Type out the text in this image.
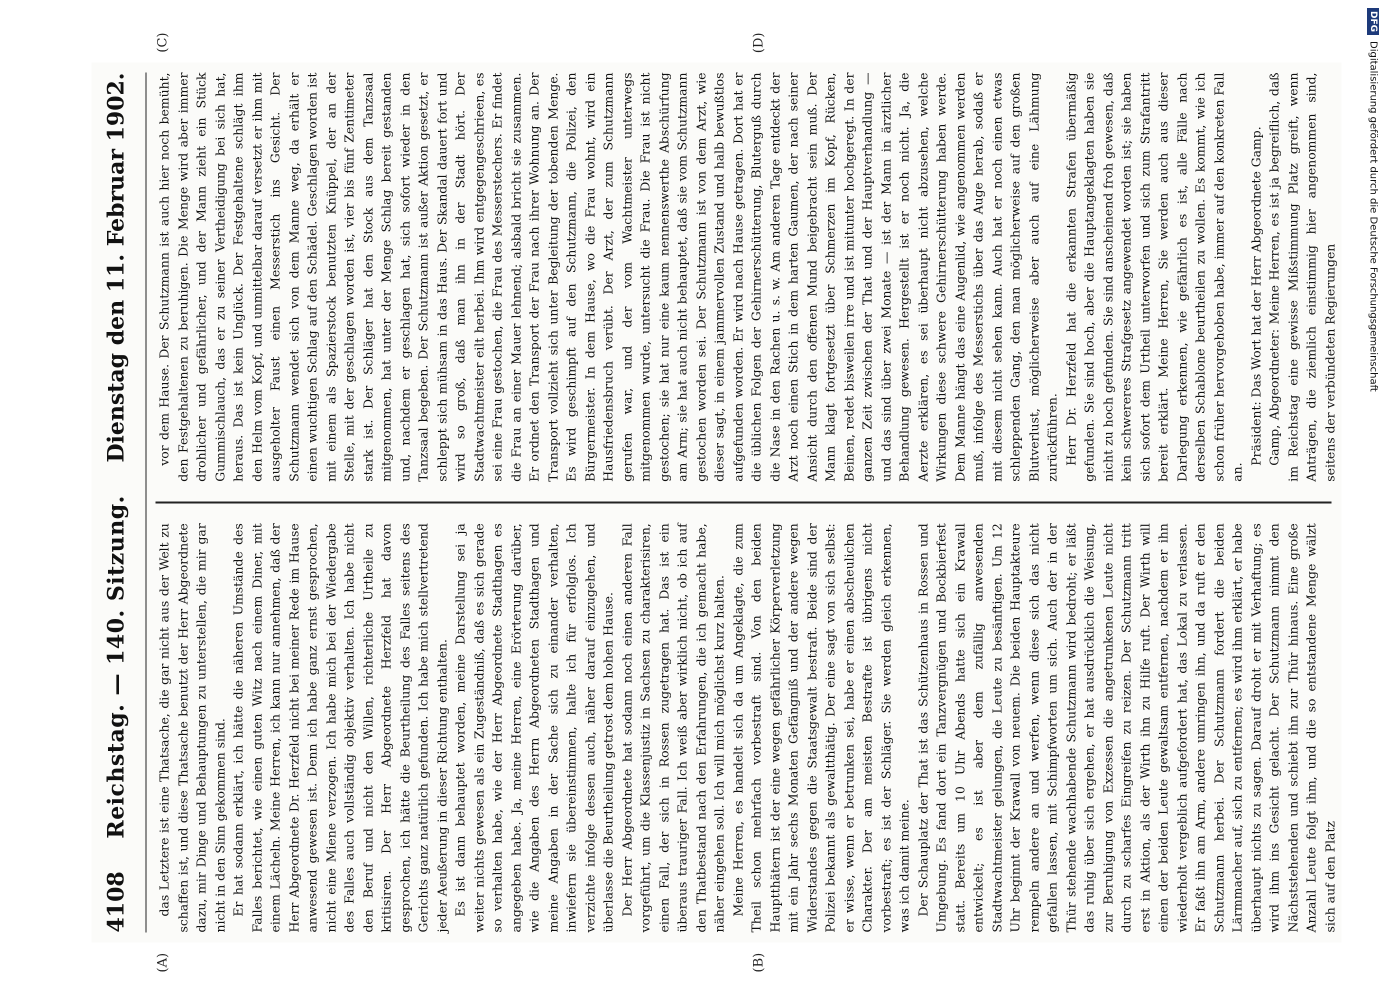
4108
Reichstag. — 140. Sitzung.
Dienstag den 11. Februar 1902.
(A)	(B)
(C)	(D)

das Letztere ist eine Thatsache, die gar nicht aus der Welt zu schaffen ist, und diese Thatsache benutzt der Herr Abgeordnete dazu, mir Dinge und Behauptungen zu unterstellen, die mir gar nicht in den Sinn gekommen sind. Er hat sodann erklärt, ich hätte die näheren Umstände des Falles berichtet, wie einen guten Witz nach einem Diner, mit einem Lächeln. Meine Herren, ich kann nur annehmen, daß der Herr Abgeordnete Dr. Herzfeld nicht bei meiner Rede im Hause anwesend gewesen ist. Denn ich habe ganz ernst gesprochen, nicht eine Miene verzogen. Ich habe mich bei der Wiedergabe des Falles auch vollständig objektiv verhalten. Ich habe nicht den Beruf und nicht den Willen, richterliche Urtheile zu kritisiren. Der Herr Abgeordnete Herzfeld hat davon gesprochen, ich hätte die Beurtheilung des Falles seitens des Gerichts ganz natürlich gefunden. Ich habe mich stellvertretend jeder Aeußerung in dieser Richtung enthalten. Es ist dann behauptet worden, meine Darstellung sei ja weiter nichts gewesen als ein Zugeständniß, daß es sich gerade so verhalten habe, wie der Herr Abgeordnete Stadthagen es angegeben habe. Ja, meine Herren, eine Erörterung darüber, wie die Angaben des Herrn Abgeordneten Stadthagen und meine Angaben in der Sache sich zu einander verhalten, inwiefern sie übereinstimmen, halte ich für erfolglos. Ich verzichte infolge dessen auch, näher darauf einzugehen, und überlasse die Beurtheilung getrost dem hohen Hause. Der Herr Abgeordnete hat sodann noch einen anderen Fall vorgeführt, um die Klassenjustiz in Sachsen zu charakterisiren, einen Fall, der sich in Rossen zugetragen hat. Das ist ein überaus trauriger Fall. Ich weiß aber wirklich nicht, ob ich auf den Thatbestand nach den Erfahrungen, die ich gemacht habe, näher eingehen soll. Ich will mich möglichst kurz halten. Meine Herren, es handelt sich da um Angeklagte, die zum Theil schon mehrfach vorbestraft sind. Von den beiden Hauptthätern ist der eine wegen gefährlicher Körperverletzung mit ein Jahr sechs Monaten Gefängniß und der andere wegen Widerstandes gegen die Staatsgewalt bestraft. Beide sind der Polizei bekannt als gewaltthätig. Der eine sagt von sich selbst: er wisse, wenn er betrunken sei, habe er einen abscheulichen Charakter. Der am meisten Bestrafte ist übrigens nicht vorbestraft; es ist der Schläger. Sie werden gleich erkennen, was ich damit meine. Der Schauplatz der That ist das Schützenhaus in Rossen und Umgebung. Es fand dort ein Tanzvergnügen und Bockbierfest statt. Bereits um 10 Uhr Abends hatte sich ein Krawall entwickelt; es ist aber dem zufällig anwesenden Stadtwachtmeister gelungen, die Leute zu besänftigen. Um 12 Uhr beginnt der Krawall von neuem. Die beiden Hauptakteure rempeln andere an und werfen, wenn diese sich das nicht gefallen lassen, mit Schimpfworten um sich. Auch der in der Thür stehende wachhabende Schutzmann wird bedroht; er läßt das ruhig über sich ergehen, er hat ausdrücklich die Weisung, zur Beruhigung von Exzessen die angetrunkenen Leute nicht durch zu scharfes Eingreifen zu reizen. Der Schutzmann tritt erst in Aktion, als der Wirth ihn zu Hilfe ruft. Der Wirth will einen der beiden Leute gewaltsam entfernen, nachdem er ihn wiederholt vergeblich aufgefordert hat, das Lokal zu verlassen. Er faßt ihn am Arm, andere umringen ihn, und da ruft er den Schutzmann herbei. Der Schutzmann fordert die beiden Lärmmacher auf, sich zu entfernen; es wird ihm erklärt, er habe überhaupt nichts zu sagen. Darauf droht er mit Verhaftung; es wird ihm ins Gesicht gelacht. Der Schutzmann nimmt den Nächststehenden und schiebt ihn zur Thür hinaus. Eine große Anzahl Leute folgt ihm, und die so entstandene Menge wälzt sich auf den Platz

vor dem Hause. Der Schutzmann ist auch hier noch bemüht, den Festgehaltenen zu beruhigen. Die Menge wird aber immer drohlicher und gefährlicher, und der Mann zieht ein Stück Gummischlauch, das er zu seiner Vertheidigung bei sich hat, heraus. Das ist kein Unglück. Der Festgehaltene schlägt ihm den Helm vom Kopf, und unmittelbar darauf versetzt er ihm mit ausgeholter Faust einen Messerstich ins Gesicht. Der Schutzmann wendet sich von dem Manne weg, da erhält er einen wuchtigen Schlag auf den Schädel. Geschlagen worden ist mit einem als Spazierstock benutzten Knüppel, der an der Stelle, mit der geschlagen worden ist, vier bis fünf Zentimeter stark ist. Der Schläger hat den Stock aus dem Tanzsaal mitgenommen, hat unter der Menge Schlag bereit gestanden und, nachdem er geschlagen hat, sich sofort wieder in den Tanzsaal begeben. Der Schutzmann ist außer Aktion gesetzt, er schleppt sich mühsam in das Haus. Der Skandal dauert fort und wird so groß, daß man ihn in der Stadt hört. Der Stadtwachtmeister eilt herbei. Ihm wird entgegengeschrieen, es sei eine Frau gestochen, die Frau des Messerstechers. Er findet die Frau an einer Mauer lehnend; alsbald bricht sie zusammen. Er ordnet den Transport der Frau nach ihrer Wohnung an. Der Transport vollzieht sich unter Begleitung der tobenden Menge. Es wird geschimpft auf den Schutzmann, die Polizei, den Bürgermeister. In dem Hause, wo die Frau wohnt, wird ein Hausfriedensbruch verübt. Der Arzt, der zum Schutzmann gerufen war, und der vom Wachtmeister unterwegs mitgenommen wurde, untersucht die Frau. Die Frau ist nicht gestochen; sie hat nur eine kaum nennenswerthe Abschürfung am Arm; sie hat auch nicht behauptet, daß sie vom Schutzmann gestochen worden sei. Der Schutzmann ist von dem Arzt, wie dieser sagt, in einem jammervollen Zustand und halb bewußtlos aufgefunden worden. Er wird nach Hause getragen. Dort hat er die üblichen Folgen der Gehirnerschütterung, Bluterguß durch die Nase in den Rachen u. s. w. Am anderen Tage entdeckt der Arzt noch einen Stich in dem harten Gaumen, der nach seiner Ansicht durch den offenen Mund beigebracht sein muß. Der Mann klagt fortgesetzt über Schmerzen im Kopf, Rücken, Beinen, redet bisweilen irre und ist mitunter hochgeregt. In der ganzen Zeit zwischen der That und der Hauptverhandlung — und das sind über zwei Monate — ist der Mann in ärztlicher Behandlung gewesen. Hergestellt ist er noch nicht. Ja, die Aerzte erklären, es sei überhaupt nicht abzusehen, welche Wirkungen diese schwere Gehirnerschütterung haben werde. Dem Manne hängt das eine Augenlid, wie angenommen werden muß, infolge des Messerstichs über das Auge herab, sodaß er mit diesem nicht sehen kann. Auch hat er noch einen etwas schleppenden Gang, den man möglicherweise auf den großen Blutverlust, möglicherweise aber auch auf eine Lähmung zurückführen. Herr Dr. Herzfeld hat die erkannten Strafen übermäßig gefunden. Sie sind hoch, aber die Hauptangeklagten haben sie nicht zu hoch gefunden. Sie sind anscheinend froh gewesen, daß kein schwereres Strafgesetz angewendet worden ist; sie haben sich sofort dem Urtheil unterworfen und sich zum Strafantritt bereit erklärt. Meine Herren, Sie werden auch aus dieser Darlegung erkennen, wie gefährlich es ist, alle Fälle nach derselben Schablone beurtheilen zu wollen. Es kommt, wie ich schon früher hervorgehoben habe, immer auf den konkreten Fall an.

Präsident: Das Wort hat der Herr Abgeordnete Gamp. Gamp, Abgeordneter: Meine Herren, es ist ja begreiflich, daß im Reichstag eine gewisse Mißstimmung Platz greift, wenn Anträgen, die ziemlich einstimmig hier angenommen sind, seitens der verbündeten Regierungen

DFG
Digitalisierung gefördert durch die Deutsche Forschungsgemeinschaft
